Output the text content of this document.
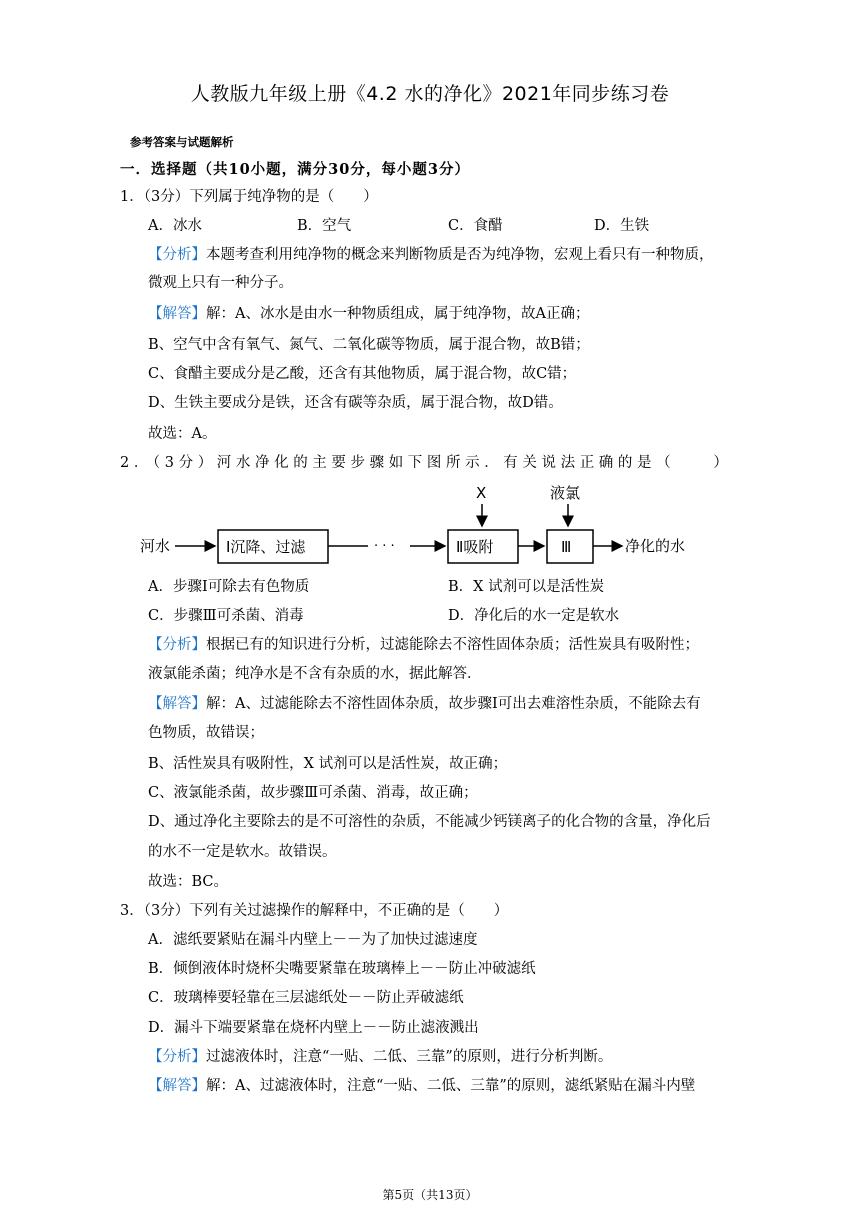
人教版九年级上册《4.2 水的净化》2021年同步练习卷
参考答案与试题解析
一．选择题（共10小题，满分30分，每小题3分）
1．（3分）下列属于纯净物的是（　　）
A．冰水	B．空气	C．食醋	D．生铁
【分析】本题考查利用纯净物的概念来判断物质是否为纯净物，宏观上看只有一种物质，
微观上只有一种分子。
【解答】解：A、冰水是由水一种物质组成，属于纯净物，故A正确；
B、空气中含有氧气、氮气、二氧化碳等物质，属于混合物，故B错；
C、食醋主要成分是乙酸，还含有其他物质，属于混合物，故C错；
D、生铁主要成分是铁，还含有碳等杂质，属于混合物，故D错。
故选：A。
2．（3分）河水净化的主要步骤如下图所示．有关说法正确的是（　　）
河水	Ⅰ沉降、过滤	· · ·
X
Ⅱ吸附
液氯
Ⅲ	净化的水
A．步骤Ⅰ可除去有色物质	B．X 试剂可以是活性炭
C．步骤Ⅲ可杀菌、消毒	D．净化后的水一定是软水
【分析】根据已有的知识进行分析，过滤能除去不溶性固体杂质；活性炭具有吸附性；
液氯能杀菌；纯净水是不含有杂质的水，据此解答．
【解答】解：A、过滤能除去不溶性固体杂质，故步骤Ⅰ可出去难溶性杂质，不能除去有
色物质，故错误；
B、活性炭具有吸附性，X 试剂可以是活性炭，故正确；
C、液氯能杀菌，故步骤Ⅲ可杀菌、消毒，故正确；
D、通过净化主要除去的是不可溶性的杂质，不能减少钙镁离子的化合物的含量，净化后
的水不一定是软水。故错误。
故选：BC。
3．（3分）下列有关过滤操作的解释中，不正确的是（　　）
A．滤纸要紧贴在漏斗内壁上－－为了加快过滤速度
B．倾倒液体时烧杯尖嘴要紧靠在玻璃棒上－－防止冲破滤纸
C．玻璃棒要轻靠在三层滤纸处－－防止弄破滤纸
D．漏斗下端要紧靠在烧杯内壁上－－防止滤液溅出
【分析】过滤液体时，注意“一贴、二低、三靠”的原则，进行分析判断。
【解答】解：A、过滤液体时，注意“一贴、二低、三靠”的原则，滤纸紧贴在漏斗内壁
第5页（共13页）
